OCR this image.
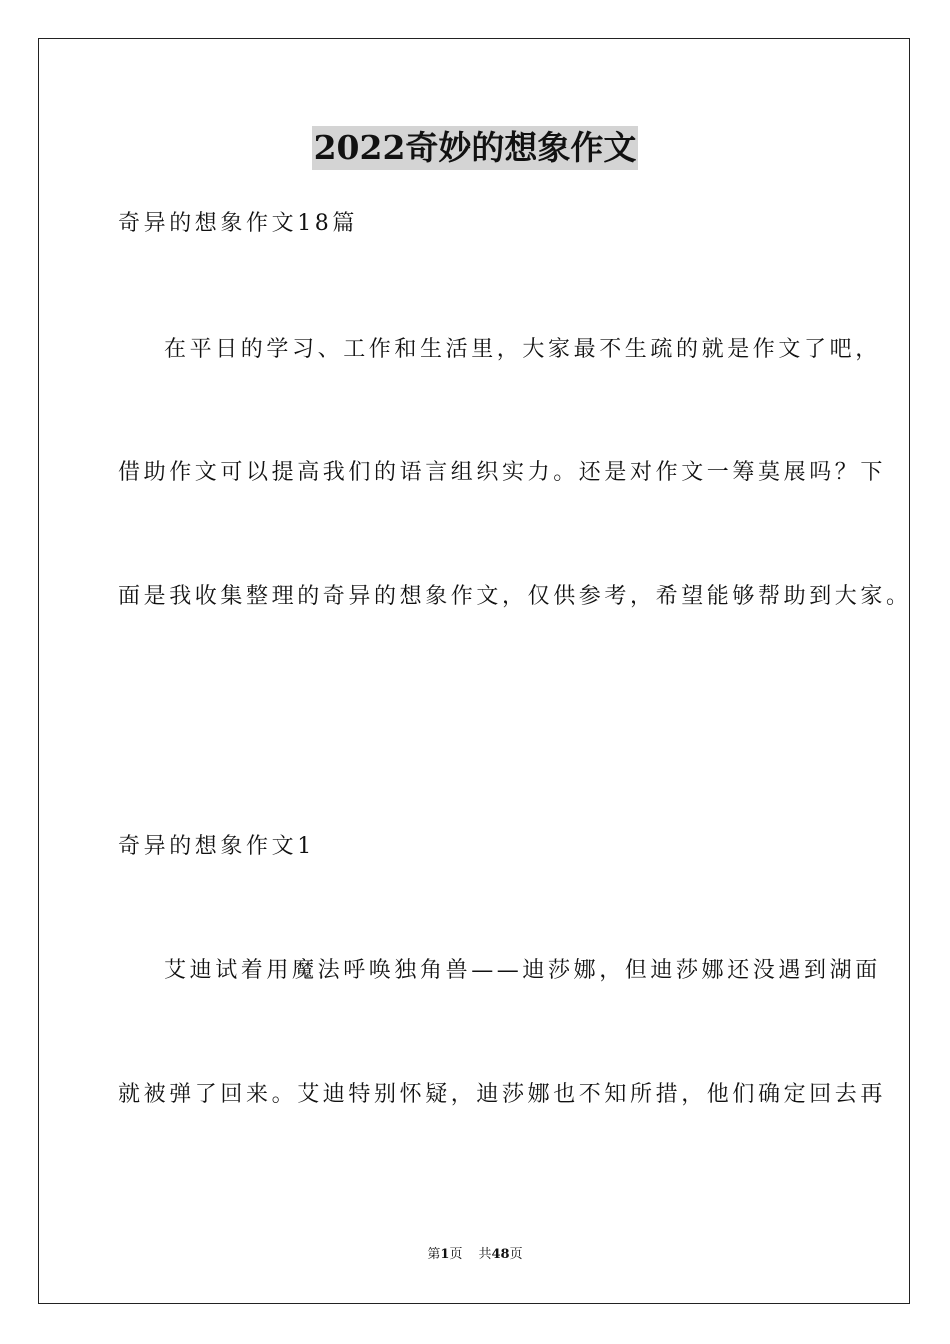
2022奇妙的想象作文
奇异的想象作文18篇
在平日的学习、工作和生活里，大家最不生疏的就是作文了吧，
借助作文可以提高我们的语言组织实力。还是对作文一筹莫展吗？下
面是我收集整理的奇异的想象作文，仅供参考，希望能够帮助到大家。
奇异的想象作文1
艾迪试着用魔法呼唤独角兽——迪莎娜，但迪莎娜还没遇到湖面
就被弹了回来。艾迪特别怀疑，迪莎娜也不知所措，他们确定回去再
第1页 共48页
